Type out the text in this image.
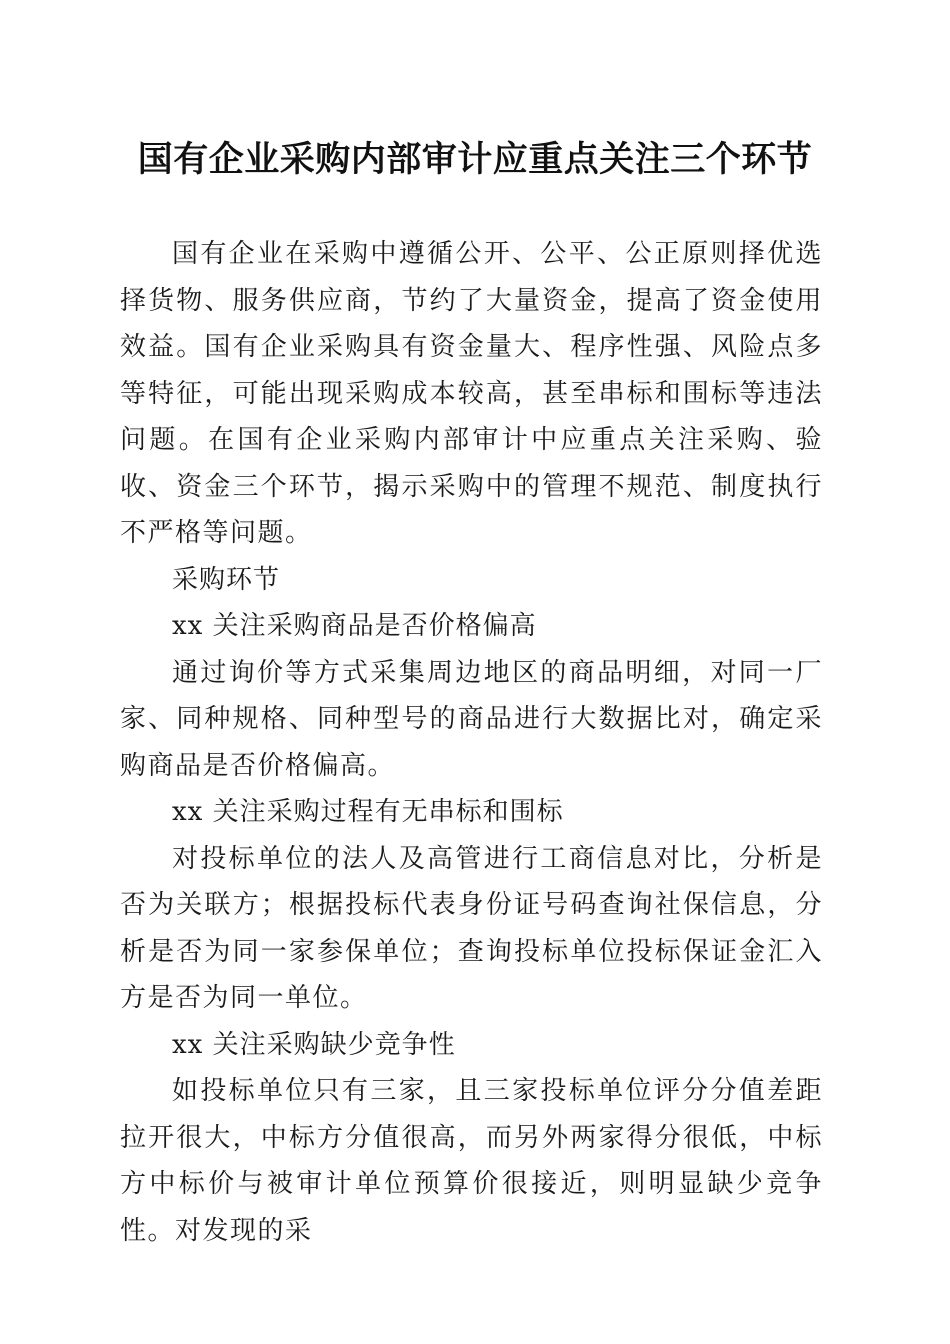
国有企业采购内部审计应重点关注三个环节

国有企业在采购中遵循公开、公平、公正原则择优选择货物、服务供应商，节约了大量资金，提高了资金使用效益。国有企业采购具有资金量大、程序性强、风险点多等特征，可能出现采购成本较高，甚至串标和围标等违法问题。在国有企业采购内部审计中应重点关注采购、验收、资金三个环节，揭示采购中的管理不规范、制度执行不严格等问题。

采购环节

xx 关注采购商品是否价格偏高

通过询价等方式采集周边地区的商品明细，对同一厂家、同种规格、同种型号的商品进行大数据比对，确定采购商品是否价格偏高。

xx 关注采购过程有无串标和围标

对投标单位的法人及高管进行工商信息对比，分析是否为关联方；根据投标代表身份证号码查询社保信息，分析是否为同一家参保单位；查询投标单位投标保证金汇入方是否为同一单位。

xx 关注采购缺少竞争性

如投标单位只有三家，且三家投标单位评分分值差距拉开很大，中标方分值很高，而另外两家得分很低，中标方中标价与被审计单位预算价很接近，则明显缺少竞争性。对发现的采
